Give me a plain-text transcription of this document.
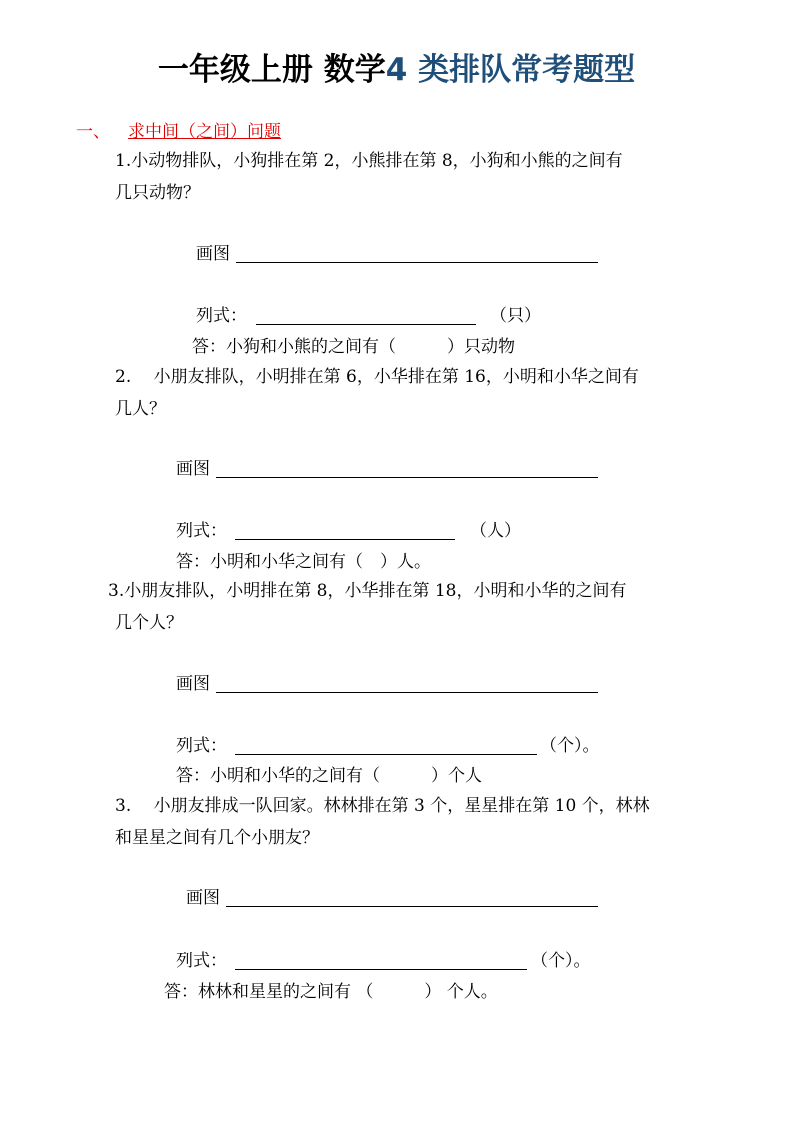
一年级上册 数学4 类排队常考题型
一、 求中间（之间）问题
1.小动物排队，小狗排在第 2，小熊排在第 8，小狗和小熊的之间有
几只动物？
画图
列式：	（只）
答：小狗和小熊的之间有（　　　）只动物
2.　 小朋友排队，小明排在第 6，小华排在第 16，小明和小华之间有
几人？
画图
列式：	（人）
答：小明和小华之间有（　）人。
3.小朋友排队，小明排在第 8，小华排在第 18，小明和小华的之间有
几个人？
画图
列式：	（个）。
答：小明和小华的之间有（　　　）个人
3.　 小朋友排成一队回家。林林排在第 3 个，星星排在第 10 个，林林
和星星之间有几个小朋友？
画图
列式：	（个）。
答：林林和星星的之间有 （　　　） 个人。
